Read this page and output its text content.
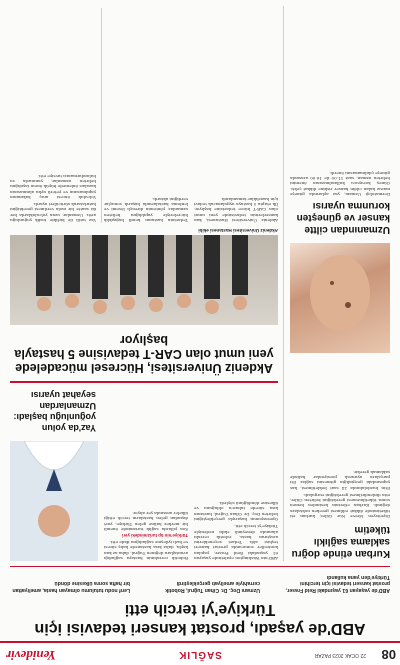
08
22 OCAK 2023 PAZAR
SAĞLIK
Yenidevir
ABD'de yaşadı, prostat kanseri tedavisi için Türkiye'yi tercih etti
ABD'de yaşayan 61 yaşındaki Reid Fraser, prostat kanseri tedavisi için tercihini Türkiye'den yana kullandı
Uzmanı Doç. Dr. Cihan Tuğrul, Robotik cerrahiyle ameliyatı gerçekleştirdi
Lenf nodu tutulumu olmayan hasta, ameliyattan bir hafta sonra ülkesine döndü
Kurban etinde doğru saklama sağlıklı tüketim

Diyetisyen Merve Nur Güler, kurban eti tüketiminde dikkat edilmesi gereken noktalara değindi. Kurban etlerinin kesimden hemen sonra tüketilmemesi gerektiğini belirten Güler, etin dinlendirilmesi gerektiğini vurguladı.

Etin buzdolabında 24 saat bekletilmesi, kas yapısındaki gerginliğin gitmesini sağlar. Eti parçalara ayırarak porsiyonlar halinde saklamak gerekir.

Uzmanından ciltte kanser ve güneşten korunma uyarısı

Dermatoloji Uzmanı, yaz aylarında güneşe maruz kalan cildin kanser riskine dikkat çekti. Güneş koruyucu kullanılmasının önemini belirten uzman, saat 11.00 ile 16.00 arasında güneşe çıkılmamasını önerdi.

ABD'nin Washington eyaletinde yaşayan 61 yaşındaki Reid Fraser, yapılan kontroller sonucunda prostat kanseri teşhisi aldı. Tedavi seçeneklerini araştıran hasta, robotik cerrahi alanında deneyimli ekibi nedeniyle Türkiye'yi tercih etti.

Operasyonun başarıyla gerçekleştiğini belirten Doç. Dr. Cihan Tuğrul, hastanın kısa sürede taburcu olduğunu ve ülkesine döndüğünü söyledi.

Robotik cerrahinin hastaya sağladığı avantajlara değinen Tuğrul, daha az kan kaybı, daha kısa hastanede kalış süresi ve hızlı iyileşme sağladığını ifade etti.

Türkiye'nin tıp turizmindeki yeri

Son yıllarda sağlık turizminde önemli bir merkez haline gelen Türkiye, yurt dışından gelen hastaların tercih ettiği ülkeler arasında yer alıyor.

Akdeniz Üniversitesi, Hücresel mücadelede yeni umut olan CAR-T tedavisine 5 hastayla başlıyor
Akdeniz Üniversitesi Hastanesi ekibi

Akdeniz Üniversitesi Hastanesi, kan kanserlerinin tedavisinde yeni umut olan CAR-T hücre tedavisine başlıyor. İlk etapta 5 hastaya uygulanacak tedavi için hazırlıklar tamamlandı.

Tedavinin hastanın kendi bağışıklık hücreleriyle yapıldığını belirten uzmanlar, yöntemin dirençli lösemi ve lenfoma hastalarında başarılı sonuçlar verdiğini aktardı.

Yaz'da yolun yoğunluğu başladı: Uzmanlardan seyahat uyarısı

Yaz tatili ile birlikte trafik yoğunluğu arttı. Uzmanlar, uzun yolculuklarda her iki saatte bir mola verilmesi gerektiğini hatırlatarak sürücüleri uyardı.

Yolculuk öncesi araç bakımının yapılmasının ve yeterli uyku alınmasının kazaları önlemede büyük önem taşıdığını belirten uzmanlar, yanınızda su bulundurmanızı tavsiye etti.
